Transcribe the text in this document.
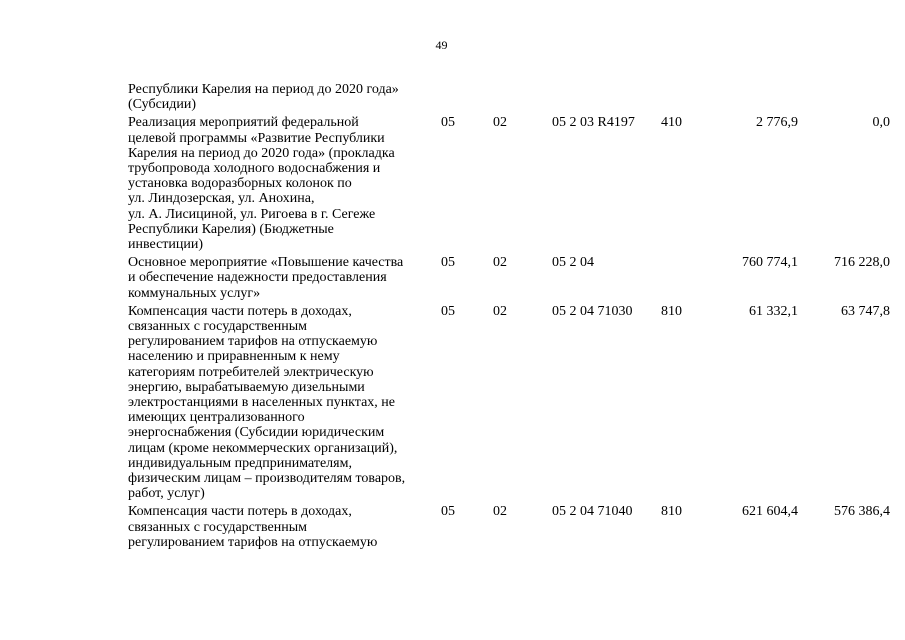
49
Республики Карелия на период до 2020 года»
(Субсидии)
Реализация мероприятий федеральной
целевой программы «Развитие Республики
Карелия на период до 2020 года» (прокладка
трубопровода холодного водоснабжения и
установка водоразборных колонок по
ул. Линдозерская, ул. Анохина,
ул. А. Лисициной, ул. Ригоева в г. Сегеже
Республики Карелия) (Бюджетные
инвестиции)
05	02	05 2 03 R4197 410	2 776,9	0,0
Основное мероприятие «Повышение качества
и обеспечение надежности предоставления
коммунальных услуг»
05	02	05 2 04	760 774,1	716 228,0
Компенсация части потерь в доходах,
связанных с государственным
регулированием тарифов на отпускаемую
населению и приравненным к нему
категориям потребителей электрическую
энергию, вырабатываемую дизельными
электростанциями в населенных пунктах, не
имеющих централизованного
энергоснабжения (Субсидии юридическим
лицам (кроме некоммерческих организаций),
индивидуальным предпринимателям,
физическим лицам – производителям товаров,
работ, услуг)
05	02	05 2 04 71030 810	61 332,1	63 747,8
Компенсация части потерь в доходах,
связанных с государственным
регулированием тарифов на отпускаемую
05	02	05 2 04 71040 810	621 604,4	576 386,4
